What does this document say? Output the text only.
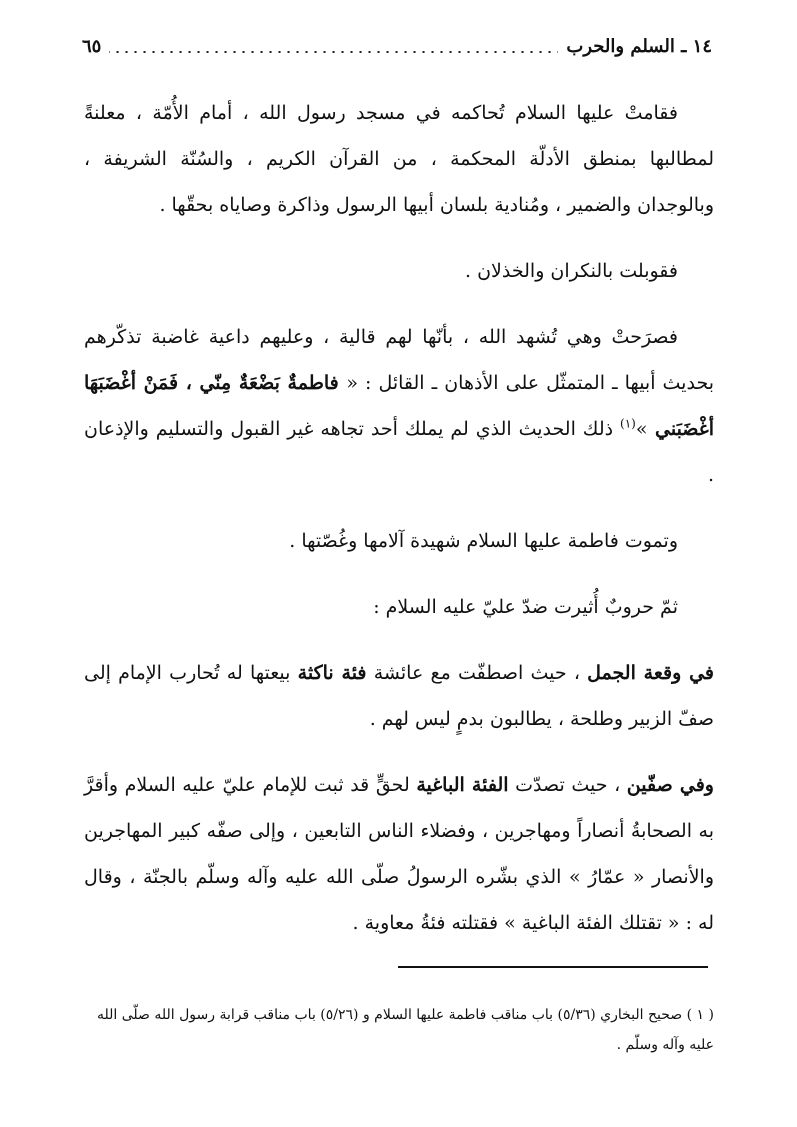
١٤ ـ السلم والحرب
٦٥

فقامتْ عليها السلام تُحاكمه في مسجد رسول الله ، أمام الأُمّة ، معلنةً لمطالبها بمنطق الأدلّة المحكمة ، من القرآن الكريم ، والسُنّة الشريفة ، وبالوجدان والضمير ، ومُنادية بلسان أبيها الرسول وذاكرة وصاياه بحقّها .

فقوبلت بالنكران والخذلان .

فصرَحتْ وهي تُشهد الله ، بأنّها لهم قالية ، وعليهم داعية غاضبة تذكّرهم بحديث أبيها ـ المتمثّل على الأذهان ـ القائل : « فاطمةٌ بَضْعَةٌ مِنّي ، فَمَنْ أغْضَبَهَا أغْضَبَني »$^{(١)}$ ذلك الحديث الذي لم يملك أحد تجاهه غير القبول والتسليم والإذعان .

وتموت فاطمة عليها السلام شهيدة آلامها وغُصّتها .

ثمّ حروبٌ أُثيرت ضدّ عليّ عليه السلام :

في وقعة الجمل ، حيث اصطفّت مع عائشة فئة ناكثة بيعتها له تُحارب الإمام إلى صفّ الزبير وطلحة ، يطالبون بدمٍ ليس لهم .

وفي صفّين ، حيث تصدّت الفئة الباغية لحقٍّ قد ثبت للإمام عليّ عليه السلام وأقرَّ به الصحابةُ أنصاراً ومهاجرين ، وفضلاء الناس التابعين ، وإلى صفّه كبير المهاجرين والأنصار « عمّارُ » الذي بشّره الرسولُ صلّى الله عليه وآله وسلّم بالجنّة ، وقال له : « تقتلك الفئة الباغية » فقتلته فئةُ معاوية .

( ١ ) صحيح البخاري (٥/٣٦) باب مناقب فاطمة عليها السلام و (٥/٢٦) باب مناقب قرابة رسول الله صلّى الله عليه وآله وسلّم .
